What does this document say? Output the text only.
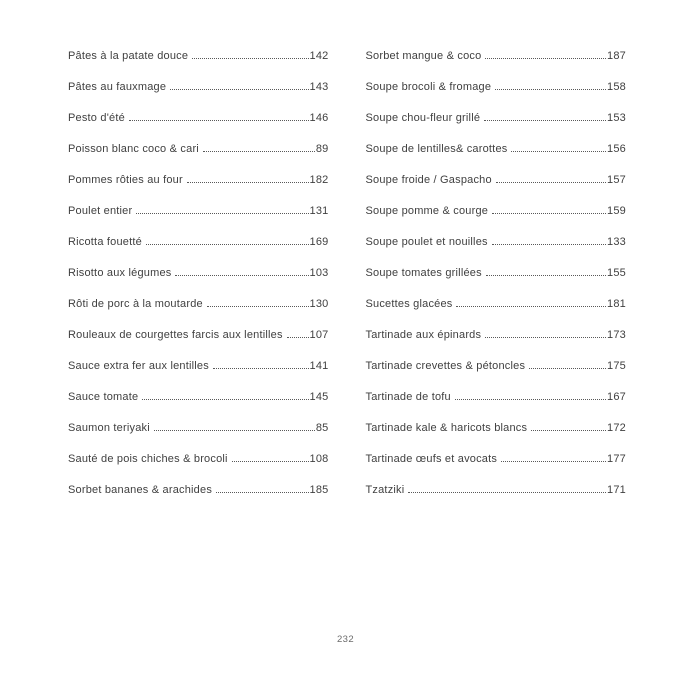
Pâtes à la patate douce	142
Pâtes au fauxmage	143
Pesto d'été	146
Poisson blanc coco & cari	89
Pommes rôties au four	182
Poulet entier	131
Ricotta fouetté	169
Risotto aux légumes	103
Rôti de porc à la moutarde	130
Rouleaux de courgettes farcis aux lentilles 107
Sauce extra fer aux lentilles	141
Sauce tomate	145
Saumon teriyaki	85
Sauté de pois chiches & brocoli	108
Sorbet bananes & arachides	185
Sorbet mangue & coco	187
Soupe brocoli & fromage	158
Soupe chou-fleur grillé	153
Soupe de lentilles& carottes	156
Soupe froide / Gaspacho	157
Soupe pomme & courge	159
Soupe poulet et nouilles	133
Soupe tomates grillées	155
Sucettes glacées	181
Tartinade aux épinards	173
Tartinade crevettes & pétoncles	175
Tartinade de tofu	167
Tartinade kale & haricots blancs	172
Tartinade œufs et avocats	177
Tzatziki	171
232
